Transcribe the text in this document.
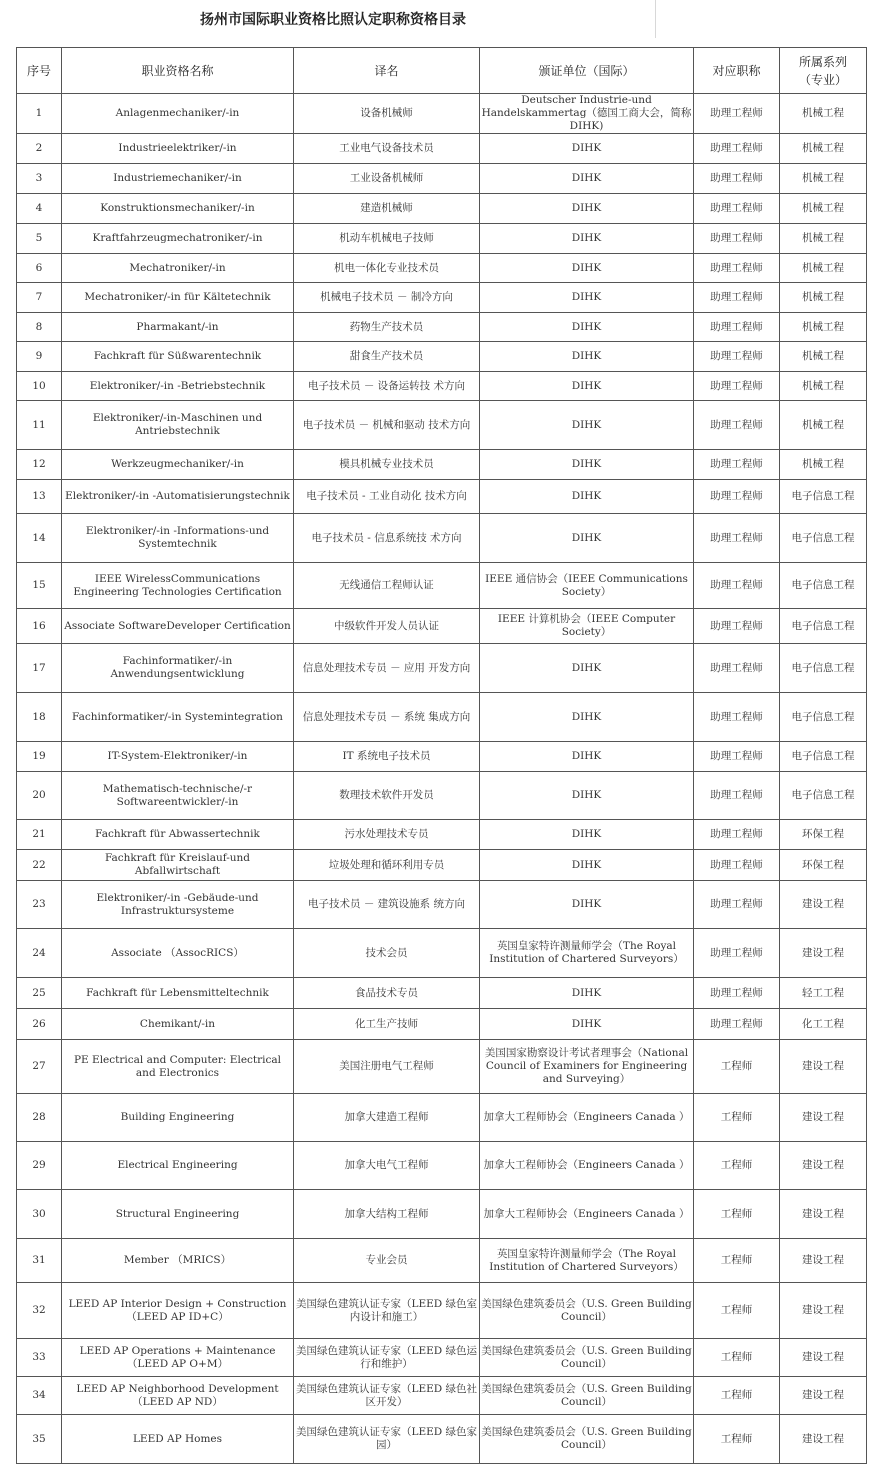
扬州市国际职业资格比照认定职称资格目录
序号	职业资格名称	译名	颁证单位（国际）	对应职称	所属系列
（专业）
1	Anlagenmechaniker/-in	设备机械师	Deutscher Industrie-und Handelskammertag（德国工商大会，简称 DIHK)	助理工程师	机械工程
2	Industrieelektriker/-in	工业电气设备技术员	DIHK	助理工程师	机械工程
3	Industriemechaniker/-in	工业设备机械师	DIHK	助理工程师	机械工程
4	Konstruktionsmechaniker/-in	建造机械师	DIHK	助理工程师	机械工程
5	Kraftfahrzeugmechatroniker/-in	机动车机械电子技师	DIHK	助理工程师	机械工程
6	Mechatroniker/-in	机电一体化专业技术员	DIHK	助理工程师	机械工程
7	Mechatroniker/-in für Kältetechnik	机械电子技术员 － 制冷方向	DIHK	助理工程师	机械工程
8	Pharmakant/-in	药物生产技术员	DIHK	助理工程师	机械工程
9	Fachkraft für Süßwarentechnik	甜食生产技术员	DIHK	助理工程师	机械工程
10	Elektroniker/-in -Betriebstechnik	电子技术员 － 设备运转技 术方向	DIHK	助理工程师	机械工程
11	Elektroniker/-in-Maschinen und Antriebstechnik	电子技术员 － 机械和驱动 技术方向	DIHK	助理工程师	机械工程
12	Werkzeugmechaniker/-in	模具机械专业技术员	DIHK	助理工程师	机械工程
13	Elektroniker/-in -Automatisierungstechnik	电子技术员 - 工业自动化 技术方向	DIHK	助理工程师	电子信息工程
14	Elektroniker/-in -Informations-und Systemtechnik	电子技术员 - 信息系统技 术方向	DIHK	助理工程师	电子信息工程
15	IEEE WirelessCommunications Engineering Technologies Certification	无线通信工程师认证	IEEE 通信协会（IEEE Communications Society）	助理工程师	电子信息工程
16	Associate SoftwareDeveloper Certification	中级软件开发人员认证	IEEE 计算机协会（IEEE Computer Society）	助理工程师	电子信息工程
17	Fachinformatiker/-in Anwendungsentwicklung	信息处理技术专员 － 应用 开发方向	DIHK	助理工程师	电子信息工程
18	Fachinformatiker/-in Systemintegration	信息处理技术专员 － 系统 集成方向	DIHK	助理工程师	电子信息工程
19	IT-System-Elektroniker/-in	IT 系统电子技术员	DIHK	助理工程师	电子信息工程
20	Mathematisch-technische/-r Softwareentwickler/-in	数理技术软件开发员	DIHK	助理工程师	电子信息工程
21	Fachkraft für Abwassertechnik	污水处理技术专员	DIHK	助理工程师	环保工程
22	Fachkraft für Kreislauf-und Abfallwirtschaft	垃圾处理和循环利用专员	DIHK	助理工程师	环保工程
23	Elektroniker/-in -Gebäude-und Infrastruktursysteme	电子技术员 － 建筑设施系 统方向	DIHK	助理工程师	建设工程
24	Associate （AssocRICS）	技术会员	英国皇家特许测量师学会（The Royal Institution of Chartered Surveyors）	助理工程师	建设工程
25	Fachkraft für Lebensmitteltechnik	食品技术专员	DIHK	助理工程师	轻工工程
26	Chemikant/-in	化工生产技师	DIHK	助理工程师	化工工程
27	PE Electrical and Computer: Electrical and Electronics	美国注册电气工程师	美国国家勘察设计考试者理事会（National Council of Examiners for Engineering and Surveying）	工程师	建设工程
28	Building Engineering	加拿大建造工程师	加拿大工程师协会（Engineers Canada ）	工程师	建设工程
29	Electrical Engineering	加拿大电气工程师	加拿大工程师协会（Engineers Canada ）	工程师	建设工程
30	Structural Engineering	加拿大结构工程师	加拿大工程师协会（Engineers Canada ）	工程师	建设工程
31	Member （MRICS）	专业会员	英国皇家特许测量师学会（The Royal Institution of Chartered Surveyors）	工程师	建设工程
32	LEED AP Interior Design + Construction （LEED AP ID+C）	美国绿色建筑认证专家（LEED 绿色室内设计和施工）	美国绿色建筑委员会（U.S. Green Building Council）	工程师	建设工程
33	LEED AP Operations + Maintenance （LEED AP O+M）	美国绿色建筑认证专家（LEED 绿色运行和维护）	美国绿色建筑委员会（U.S. Green Building Council）	工程师	建设工程
34	LEED AP Neighborhood Development （LEED AP ND）	美国绿色建筑认证专家（LEED 绿色社区开发）	美国绿色建筑委员会（U.S. Green Building Council）	工程师	建设工程
35	LEED AP Homes	美国绿色建筑认证专家（LEED 绿色家园）	美国绿色建筑委员会（U.S. Green Building Council）	工程师	建设工程
